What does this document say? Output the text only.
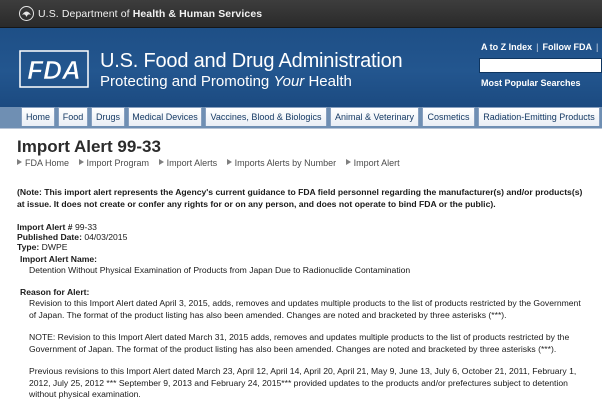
U.S. Department of Health & Human Services
FDA U.S. Food and Drug Administration
Protecting and Promoting Your Health
A to Z Index | Follow FDA | En
Most Popular Searches
Home	Food	Drugs	Medical Devices	Vaccines, Blood & Biologics	Animal & Veterinary	Cosmetics	Radiation-Emitting Products
Import Alert 99-33
FDA Home Import Program Import Alerts Imports Alerts by Number Import Alert
(Note: This import alert represents the Agency's current guidance to FDA field personnel regarding the manufacturer(s) and/or products(s) at issue. It does not create or confer any rights for or on any person, and does not operate to bind FDA or the public).
Import Alert # 99-33
Published Date: 04/03/2015
Type: DWPE
Import Alert Name:
Detention Without Physical Examination of Products from Japan Due to Radionuclide Contamination
Reason for Alert:
Revision to this Import Alert dated April 3, 2015, adds, removes and updates multiple products to the list of products restricted by the Government of Japan. The format of the product listing has also been amended. Changes are noted and bracketed by three asterisks (***).
NOTE: Revision to this Import Alert dated March 31, 2015 adds, removes and updates multiple products to the list of products restricted by the Government of Japan. The format of the product listing has also been amended. Changes are noted and bracketed by three asterisks (***).
Previous revisions to this Import Alert dated March 23, April 12, April 14, April 20, April 21, May 9, June 13, July 6, October 21, 2011, February 1, 2012, July 25, 2012 *** September 9, 2013 and February 24, 2015*** provided updates to the products and/or prefectures subject to detention without physical examination.
